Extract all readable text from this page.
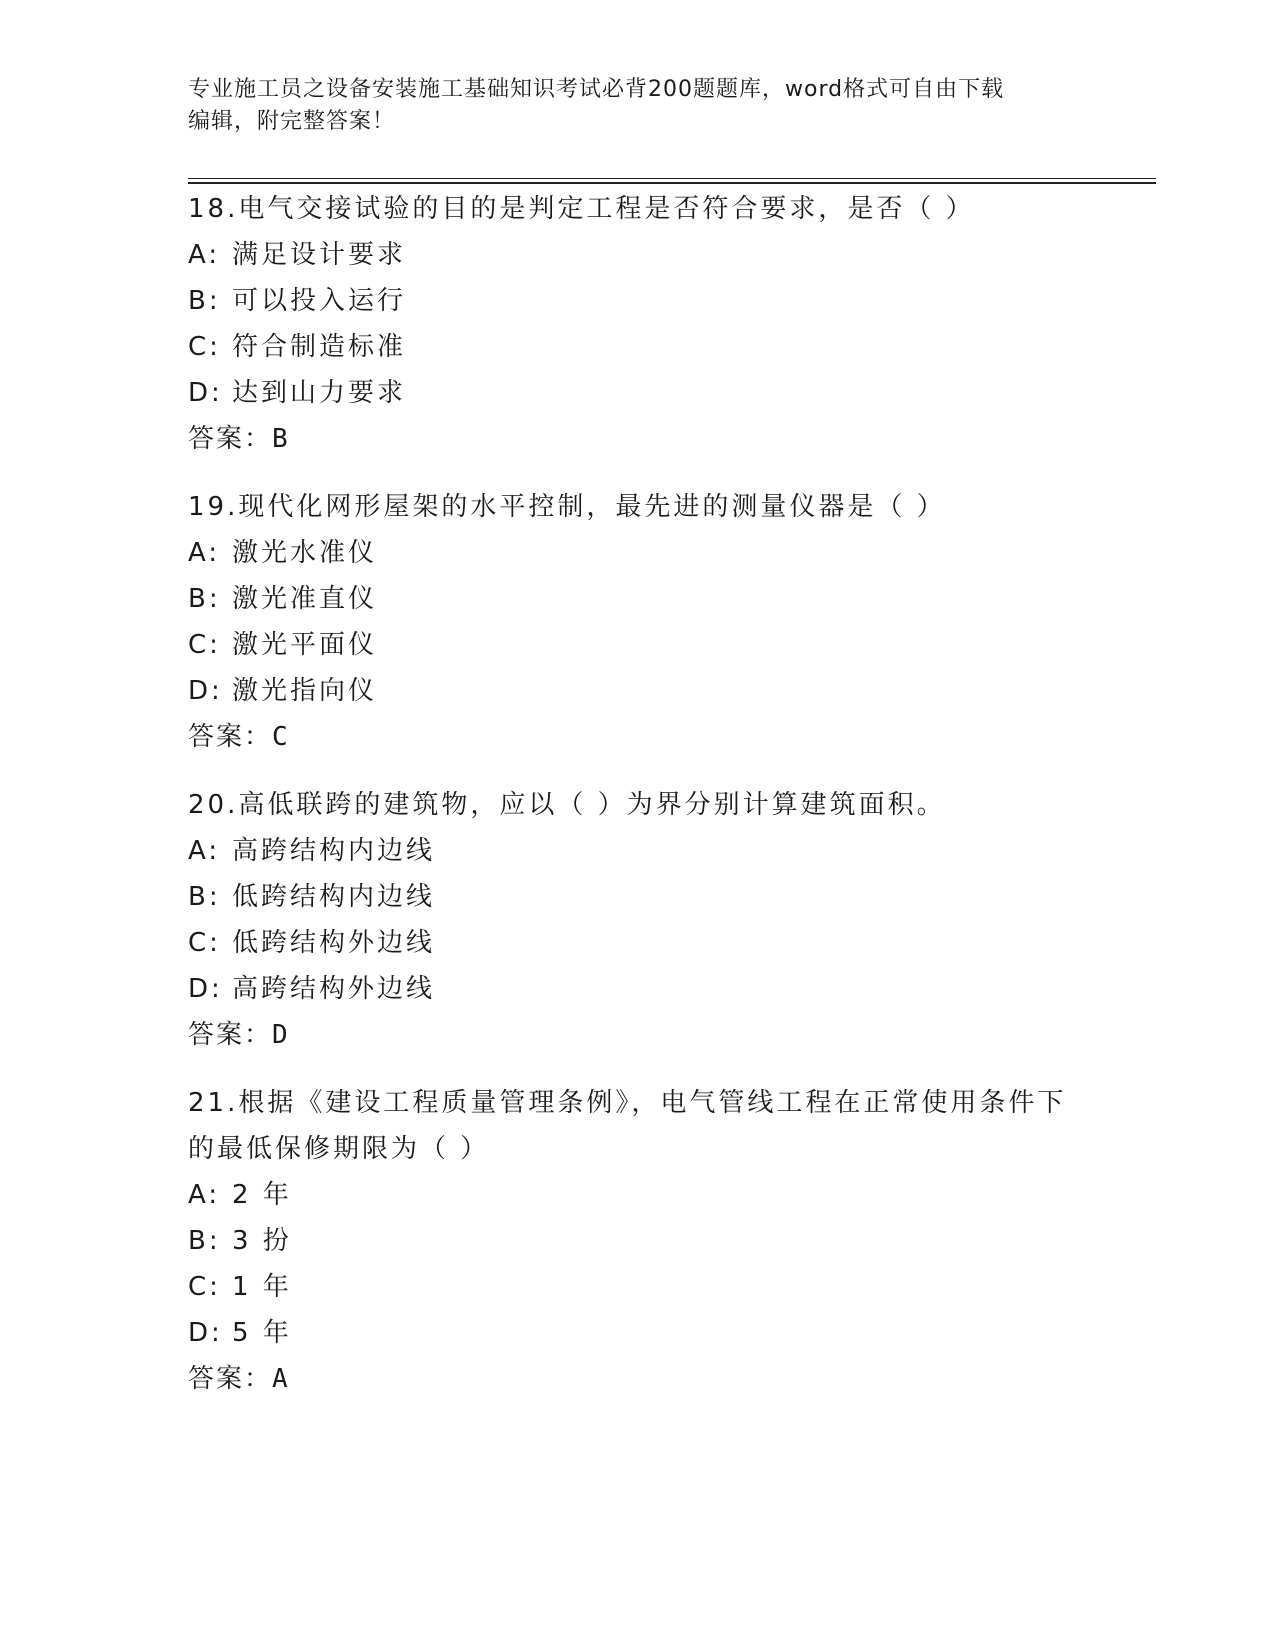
专业施工员之设备安装施工基础知识考试必背200题题库，word格式可自由下载
编辑，附完整答案！

18.电气交接试验的目的是判定工程是否符合要求，是否（ ）

A: 满足设计要求

B: 可以投入运行

C: 符合制造标准

D: 达到山力要求

答案：B

19.现代化网形屋架的水平控制，最先进的测量仪器是（ ）

A: 激光水准仪

B: 激光准直仪

C: 激光平面仪

D: 激光指向仪

答案：C

20.高低联跨的建筑物，应以（ ）为界分别计算建筑面积。

A: 高跨结构内边线

B: 低跨结构内边线

C: 低跨结构外边线

D: 高跨结构外边线

答案：D

21.根据《建设工程质量管理条例》，电气管线工程在正常使用条件下的最低保修期限为（ ）

A: 2 年

B: 3 扮

C: 1 年

D: 5 年

答案：A
